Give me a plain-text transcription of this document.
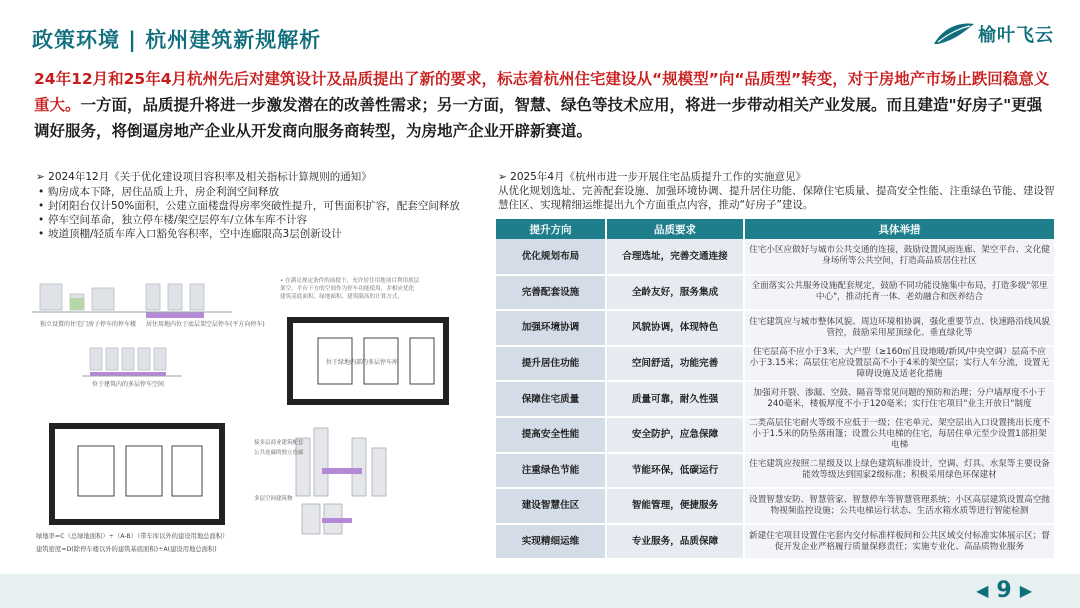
政策环境 | 杭州建筑新规解析	榆叶飞云
24年12月和25年4月杭州先后对建筑设计及品质提出了新的要求，标志着杭州住宅建设从“规模型”向“品质型”转变，对于房地产市场止跌回稳意义重大。一方面，品质提升将进一步激发潜在的改善性需求；另一方面，智慧、绿色等技术应用，将进一步带动相关产业发展。而且建造"好房子"更强调好服务，将倒逼房地产企业从开发商向服务商转型，为房地产企业开辟新赛道。
➢ 2024年12月《关于优化建设项目容积率及相关指标计算规则的通知》
• 购房成本下降，居住品质上升，房企利润空间释放
• 封闭阳台仅计50%面积，公建立面楼盘得房率突破性提升，可售面积扩容，配套空间释放
• 停车空间革命，独立停车楼/架空层停车/立体车库不计容
• 坡道顶棚/轻质车库入口豁免容积率，空中连廊限高3层创新设计
➢ 2025年4月《杭州市进一步开展住宅品质提升工作的实施意见》
从优化规划选址、完善配套设施、加强环境协调、提升居住功能、保障住宅质量、提高安全性能、注重绿色节能、建设智慧住区、实现精细运维提出九个方面重点内容，推动“好房子”建设。
独立设置的住宅门房子停车的停车楼 居住用地内位于底层架空层停车(平方向停车)
位于建筑内的多层停车空间
• 在满足规定条件的前提下，允许居住用地项目利用底层
架空、平台下方的空间作为停车功能使用，并相应优化
建筑基底面积、绿地面积、建筑限高的计算方式。
位于绿地内部的多层停车库
接多层商业建筑配套
公共连廊的独立连廊
多层空间建筑物
绿地率=C（总绿地面积）÷（A-B）（带车库以外的建设用地总面积）
建筑密度=D(除停车楼以外的建筑基底面积)÷A(建设用地总面积)
提升方向	品质要求	具体举措
优化规划布局	合理选址，完善交通连接	住宅小区应做好与城市公共交通的连接，鼓励设置风雨连廊、架空平台、文化健身场所等公共空间，打造高品质居住社区
完善配套设施	全龄友好，服务集成	全面落实公共服务设施配套规定，鼓励不同功能设施集中布局，打造多级"邻里中心"，推动托育一体、老幼融合和医养结合
加强环境协调	风貌协调，体现特色	住宅建筑应与城市整体风貌、周边环境相协调，强化重要节点、快速路沿线风貌管控，鼓励采用屋顶绿化、垂直绿化等
提升居住功能	空间舒适，功能完善	住宅层高不应小于3米，大户型（≥160㎡且设地暖/新风/中央空调）层高不应小于3.15米；高层住宅应设置层高不小于4米的架空层；实行人车分流，设置无障碍设施及适老化措施
保障住宅质量	质量可靠，耐久性强	加强对开裂、渗漏、空鼓、隔音等常见问题的预防和治理；分户墙厚度不小于240毫米，楼板厚度不小于120毫米；实行住宅项目"业主开放日"制度
提高安全性能	安全防护，应急保障	二类高层住宅耐火等级不应低于一级；住宅单元、架空层出入口设置挑出长度不小于1.5米的防坠落雨篷；设置公共电梯的住宅，每居住单元至少设置1部担架电梯
注重绿色节能	节能环保，低碳运行	住宅建筑应按照二星级及以上绿色建筑标准设计，空调、灯具、水泵等主要设备能效等级达到国家2级标准；积极采用绿色环保建材
建设智慧住区	智能管理，便捷服务	设置智慧安防、智慧管家、智慧停车等智慧管理系统；小区高层建筑设置高空抛物视频监控设施；公共电梯运行状态、生活水箱水质等进行智能检测
实现精细运维	专业服务，品质保障	新建住宅项目设置住宅套内交付标准样板间和公共区域交付标准实体展示区；督促开发企业严格履行质量保修责任；实施专业化、高品质物业服务
◀ 9 ▶
